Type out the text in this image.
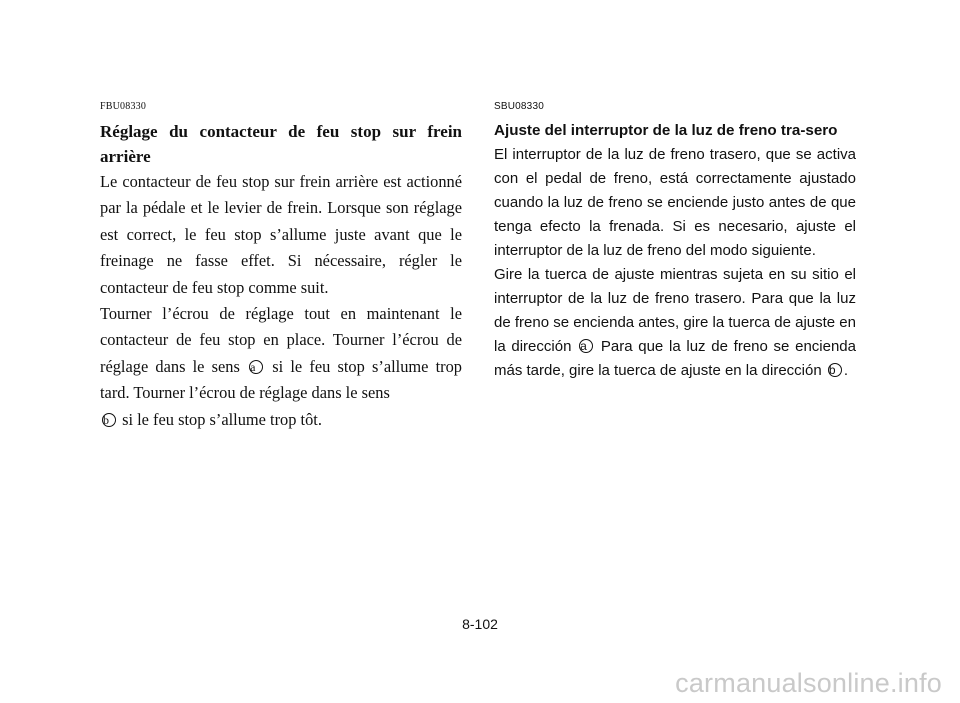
FBU08330

Réglage du contacteur de feu stop sur frein arrière

Le contacteur de feu stop sur frein arrière est actionné par la pédale et le levier de frein. Lorsque son réglage est correct, le feu stop s’allume juste avant que le freinage ne fasse effet. Si nécessaire, régler le contacteur de feu stop comme suit.

Tourner l’écrou de réglage tout en maintenant le contacteur de feu stop en place. Tourner l’écrou de réglage dans le sens a si le feu stop s’allume trop tard. Tourner l’écrou de réglage dans le sens
b si le feu stop s’allume trop tôt.

SBU08330

Ajuste del interruptor de la luz de freno tra-sero

El interruptor de la luz de freno trasero, que se activa con el pedal de freno, está correctamente ajustado cuando la luz de freno se enciende justo antes de que tenga efecto la frenada. Si es necesario, ajuste el interruptor de la luz de freno del modo siguiente.

Gire la tuerca de ajuste mientras sujeta en su sitio el interruptor de la luz de freno trasero. Para que la luz de freno se encienda antes, gire la tuerca de ajuste en la dirección a Para que la luz de freno se encienda más tarde, gire la tuerca de ajuste en la dirección b .

8-102
carmanualsonline.info
